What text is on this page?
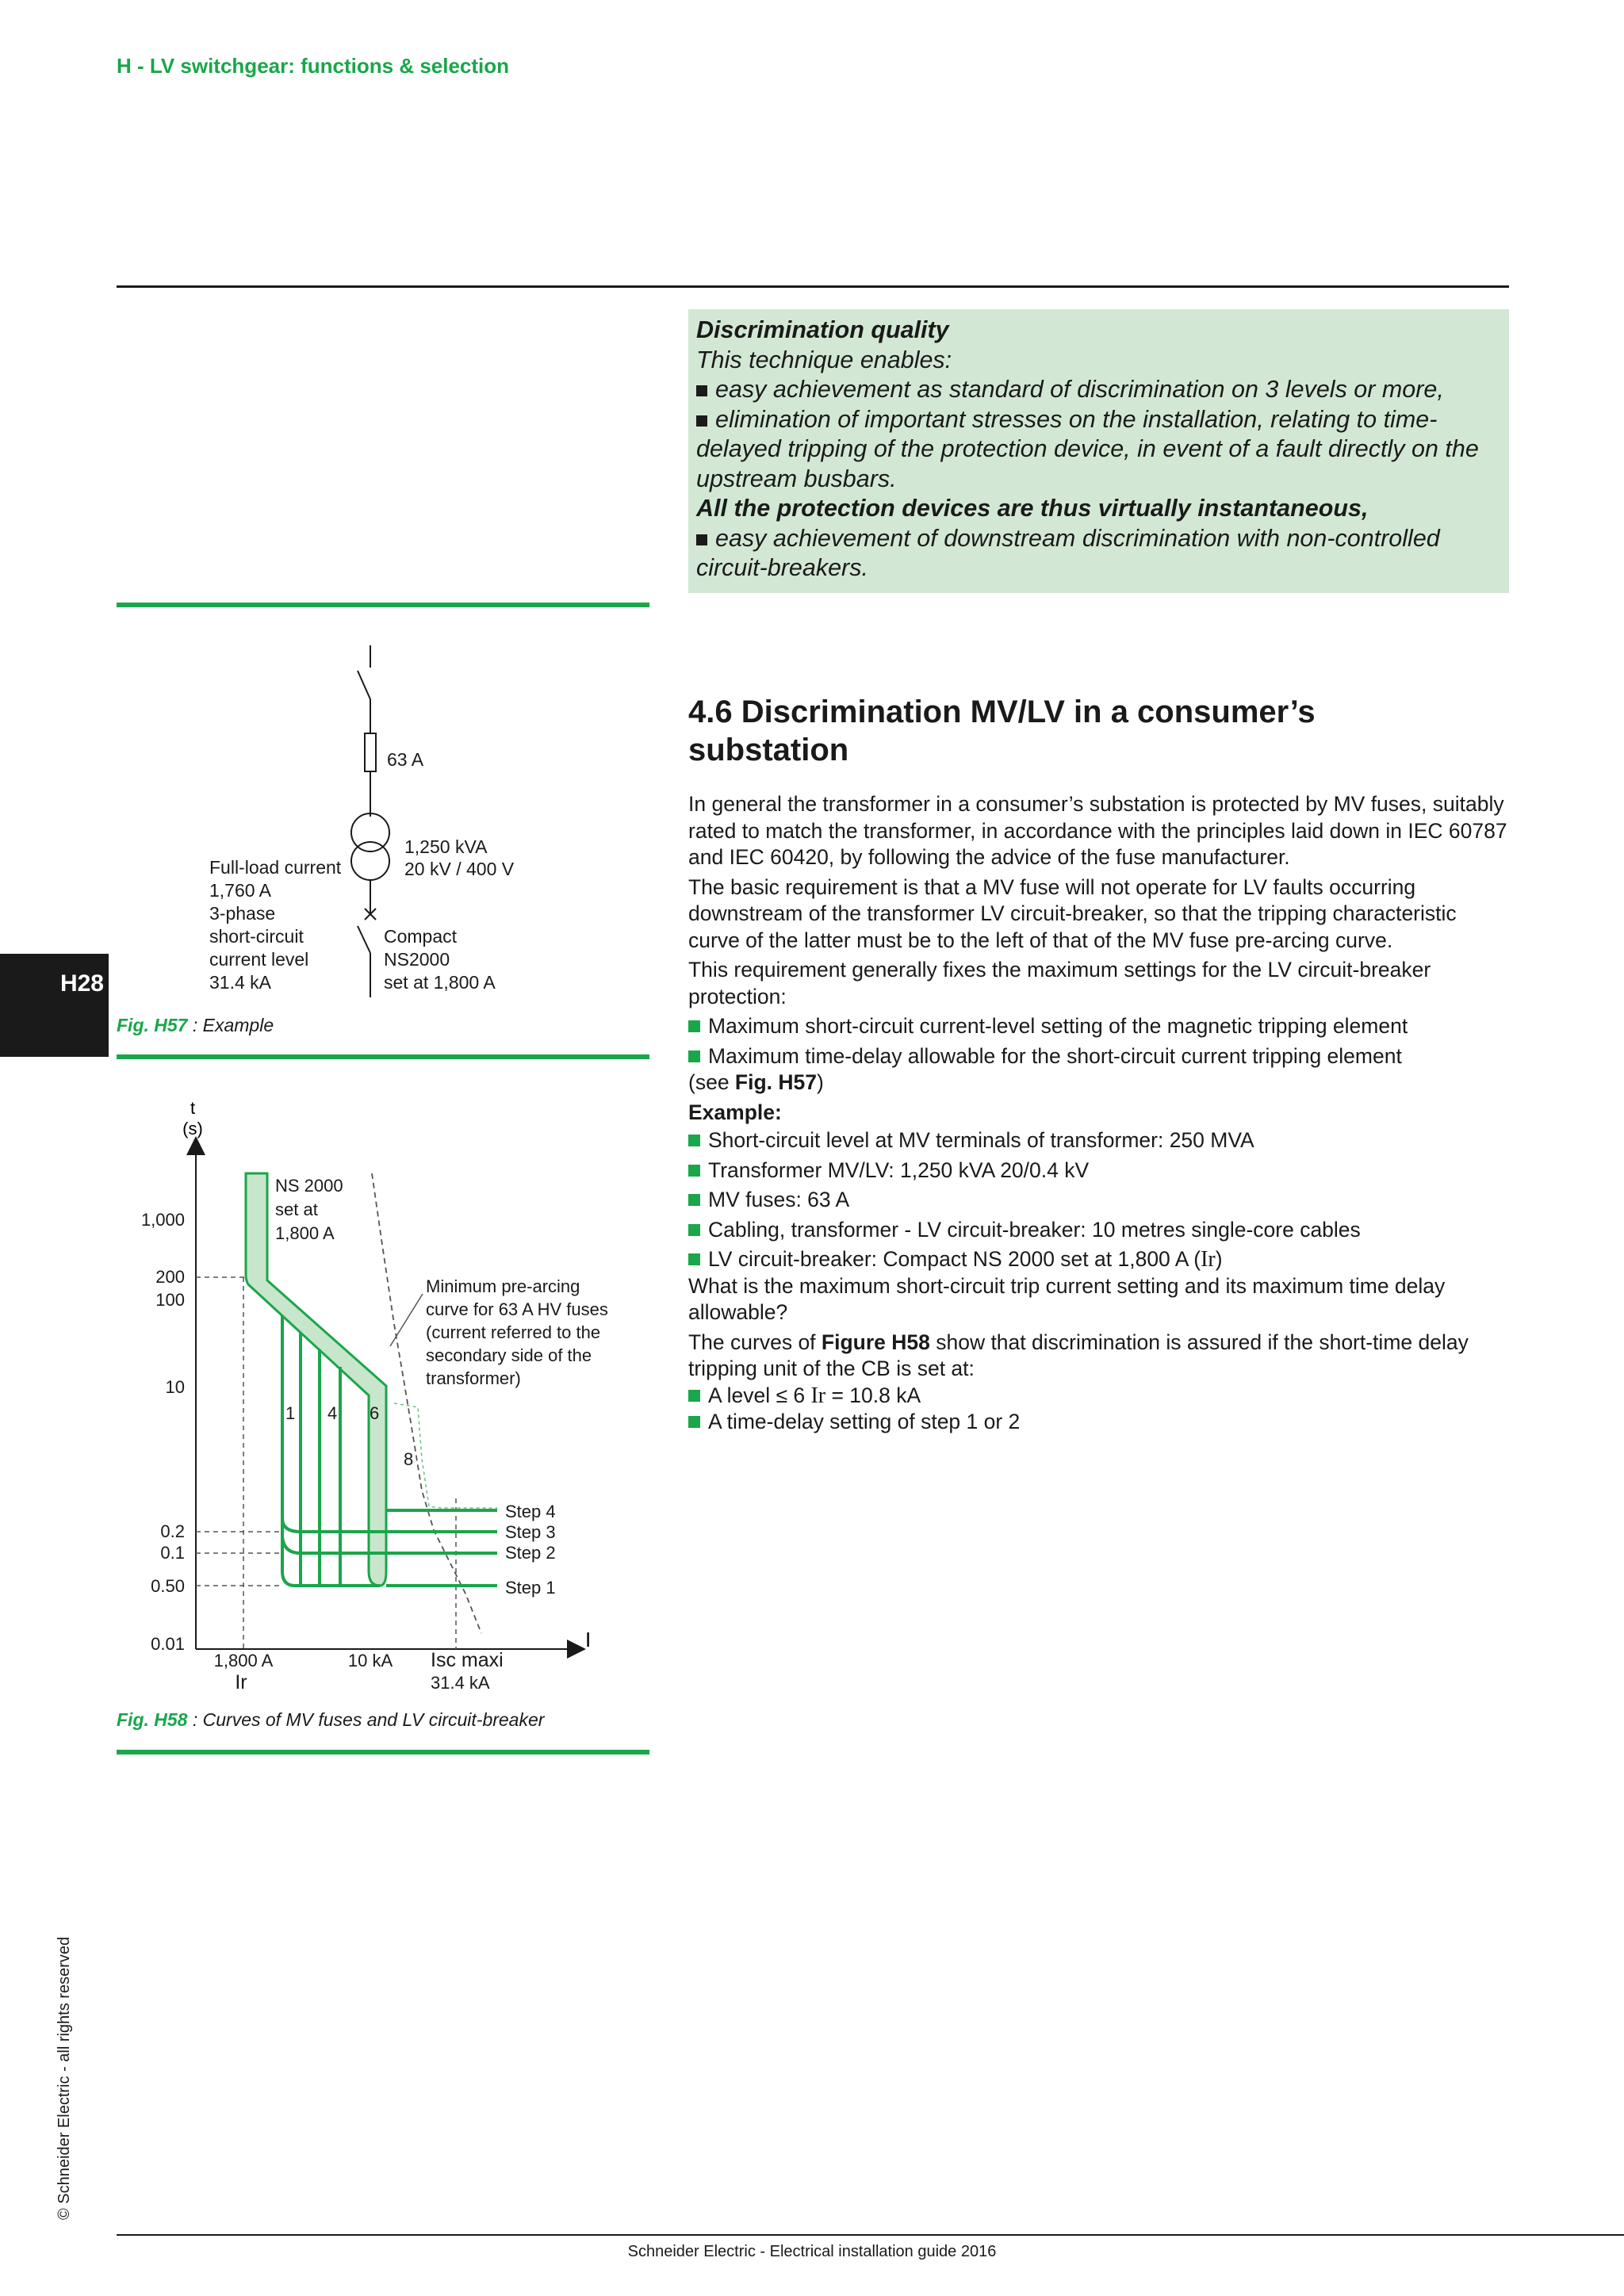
H - LV switchgear: functions & selection
Discrimination quality
This technique enables:
easy achievement as standard of discrimination on 3 levels or more,
elimination of important stresses on the installation, relating to time-
delayed tripping of the protection device, in event of a fault directly on the
upstream busbars.
All the protection devices are thus virtually instantaneous,
easy achievement of downstream discrimination with non-controlled
circuit-breakers.
63 A
1,250 kVA
20 kV / 400 V
Full-load current
1,760 A
3-phase
short-circuit
current level
31.4 kA
Compact
NS2000
set at 1,800 A
Fig. H57 : Example
H28
t
(s)
I
1,000
200
100
10
0.2
0.1
0.50
0.01
1,800 A
Ir
10 kA Isc maxi
31.4 kA
1 4 6
8
NS 2000
set at
1,800 A
Minimum pre-arcing
curve for 63 A HV fuses
(current referred to the
secondary side of the
transformer)
Step 4
Step 3
Step 2
Step 1
Fig. H58 : Curves of MV fuses and LV circuit-breaker
4.6 Discrimination MV/LV in a consumer’s
substation

In general the transformer in a consumer’s substation is protected by MV fuses, suitably rated to match the transformer, in accordance with the principles laid down in IEC 60787 and IEC 60420, by following the advice of the fuse manufacturer.

The basic requirement is that a MV fuse will not operate for LV faults occurring downstream of the transformer LV circuit-breaker, so that the tripping characteristic curve of the latter must be to the left of that of the MV fuse pre-arcing curve.

This requirement generally fixes the maximum settings for the LV circuit-breaker protection:

Maximum short-circuit current-level setting of the magnetic tripping element
Maximum time-delay allowable for the short-circuit current tripping element
(see Fig. H57)
Example:
Short-circuit level at MV terminals of transformer: 250 MVA
Transformer MV/LV: 1,250 kVA 20/0.4 kV
MV fuses: 63 A
Cabling, transformer - LV circuit-breaker: 10 metres single-core cables
LV circuit-breaker: Compact NS 2000 set at 1,800 A (Ir)

What is the maximum short-circuit trip current setting and its maximum time delay allowable?

The curves of Figure H58 show that discrimination is assured if the short-time delay tripping unit of the CB is set at:

A level ≤ 6 Ir = 10.8 kA
A time-delay setting of step 1 or 2
© Schneider Electric - all rights reserved
Schneider Electric - Electrical installation guide 2016
